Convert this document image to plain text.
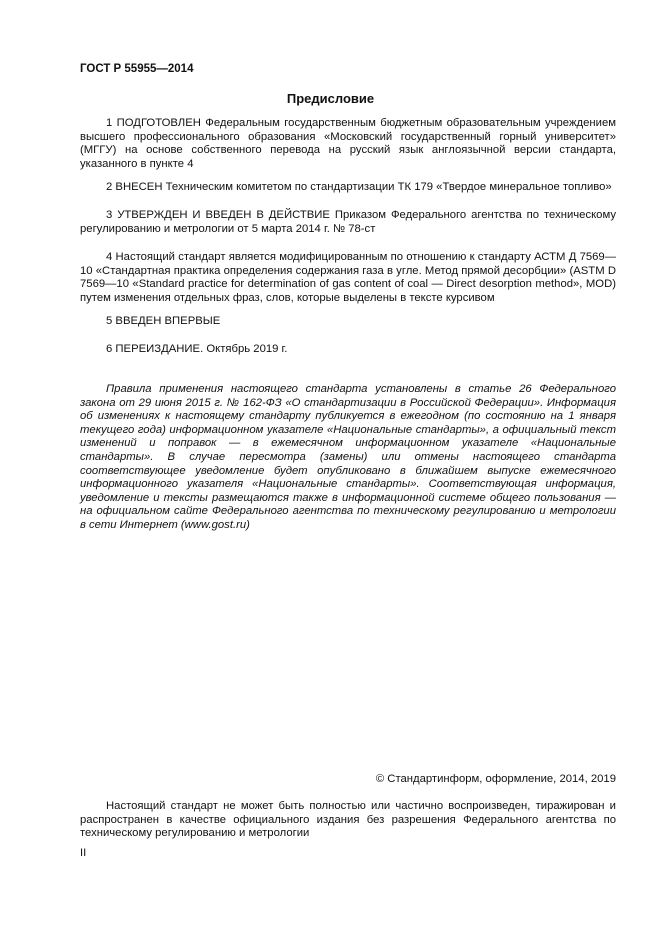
ГОСТ Р 55955—2014
Предисловие

1 ПОДГОТОВЛЕН Федеральным государственным бюджетным образовательным учреждением высшего профессионального образования «Московский государственный горный университет» (МГГУ) на основе собственного перевода на русский язык англоязычной версии стандарта, указанного в пункте 4

2 ВНЕСЕН Техническим комитетом по стандартизации ТК 179 «Твердое минеральное топливо»

3 УТВЕРЖДЕН И ВВЕДЕН В ДЕЙСТВИЕ Приказом Федерального агентства по техническому регулированию и метрологии от 5 марта 2014 г. № 78-ст

4 Настоящий стандарт является модифицированным по отношению к стандарту АСТМ Д 7569—10 «Стандартная практика определения содержания газа в угле. Метод прямой десорбции» (ASTM D 7569—10 «Standard practice for determination of gas content of coal — Direct desorption method», MOD) путем изменения отдельных фраз, слов, которые выделены в тексте курсивом

5 ВВЕДЕН ВПЕРВЫЕ

6 ПЕРЕИЗДАНИЕ. Октябрь 2019 г.

Правила применения настоящего стандарта установлены в статье 26 Федерального закона от 29 июня 2015 г. № 162-ФЗ «О стандартизации в Российской Федерации». Информация об изменениях к настоящему стандарту публикуется в ежегодном (по состоянию на 1 января текущего года) информационном указателе «Национальные стандарты», а официальный текст изменений и поправок — в ежемесячном информационном указателе «Национальные стандарты». В случае пересмотра (замены) или отмены настоящего стандарта соответствующее уведомление будет опубликовано в ближайшем выпуске ежемесячного информационного указателя «Национальные стандарты». Соответствующая информация, уведомление и тексты размещаются также в информационной системе общего пользования — на официальном сайте Федерального агентства по техническому регулированию и метрологии в сети Интернет (www.gost.ru)

© Стандартинформ, оформление, 2014, 2019

Настоящий стандарт не может быть полностью или частично воспроизведен, тиражирован и распространен в качестве официального издания без разрешения Федерального агентства по техническому регулированию и метрологии

II
